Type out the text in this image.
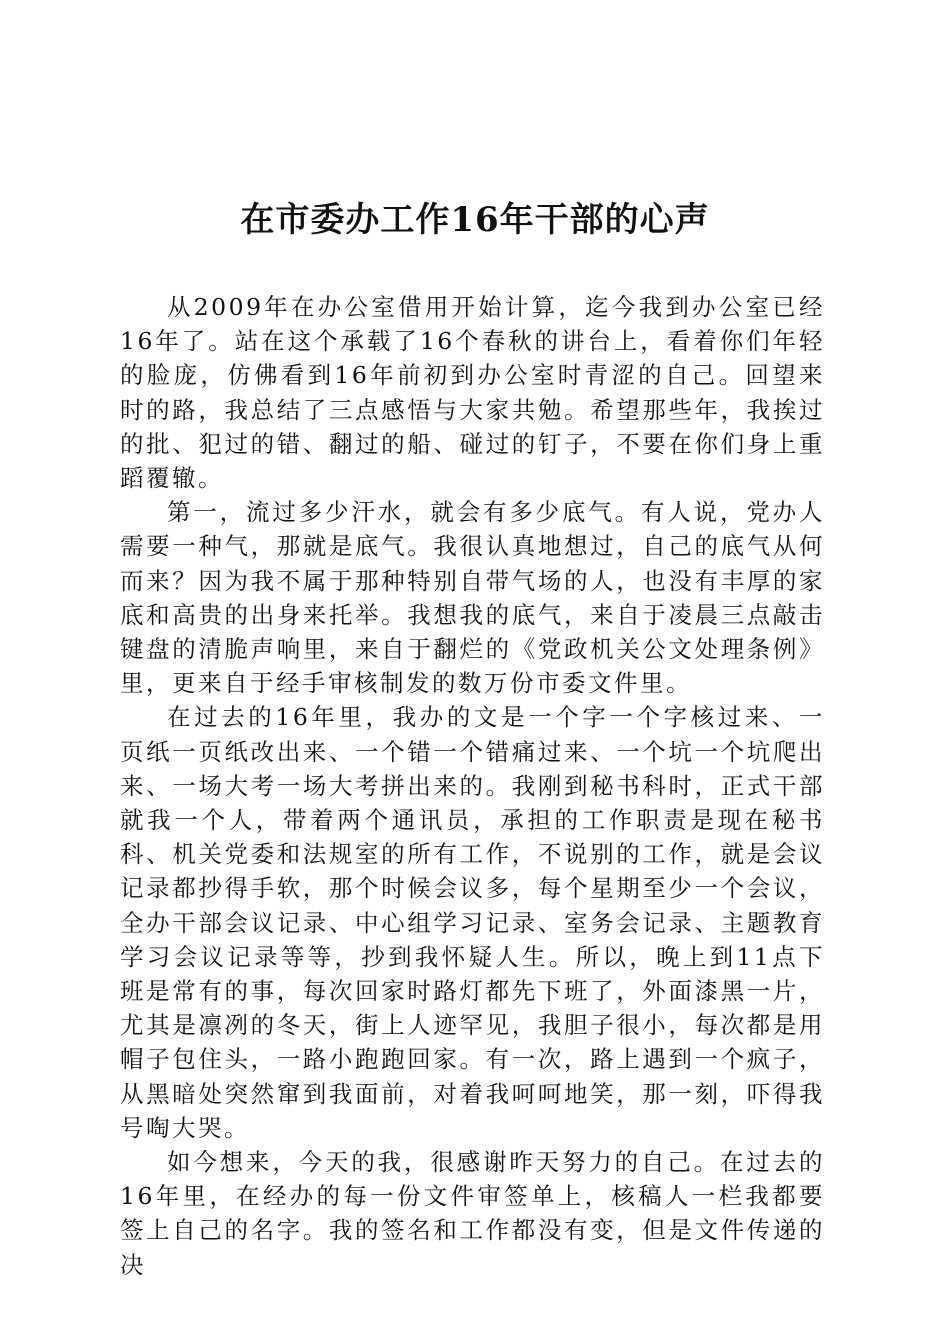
在市委办工作16年干部的心声

从2009年在办公室借用开始计算，迄今我到办公室已经16年了。站在这个承载了16个春秋的讲台上，看着你们年轻的脸庞，仿佛看到16年前初到办公室时青涩的自己。回望来时的路，我总结了三点感悟与大家共勉。希望那些年，我挨过的批、犯过的错、翻过的船、碰过的钉子，不要在你们身上重蹈覆辙。

第一，流过多少汗水，就会有多少底气。有人说，党办人需要一种气，那就是底气。我很认真地想过，自己的底气从何而来？因为我不属于那种特别自带气场的人，也没有丰厚的家底和高贵的出身来托举。我想我的底气，来自于凌晨三点敲击键盘的清脆声响里，来自于翻烂的《党政机关公文处理条例》里，更来自于经手审核制发的数万份市委文件里。

在过去的16年里，我办的文是一个字一个字核过来、一页纸一页纸改出来、一个错一个错痛过来、一个坑一个坑爬出来、一场大考一场大考拼出来的。我刚到秘书科时，正式干部就我一个人，带着两个通讯员，承担的工作职责是现在秘书科、机关党委和法规室的所有工作，不说别的工作，就是会议记录都抄得手软，那个时候会议多，每个星期至少一个会议，全办干部会议记录、中心组学习记录、室务会记录、主题教育学习会议记录等等，抄到我怀疑人生。所以，晚上到11点下班是常有的事，每次回家时路灯都先下班了，外面漆黑一片，尤其是凛冽的冬天，街上人迹罕见，我胆子很小，每次都是用帽子包住头，一路小跑跑回家。有一次，路上遇到一个疯子，从黑暗处突然窜到我面前，对着我呵呵地笑，那一刻，吓得我号啕大哭。

如今想来，今天的我，很感谢昨天努力的自己。在过去的16年里，在经办的每一份文件审签单上，核稿人一栏我都要签上自己的名字。我的签名和工作都没有变，但是文件传递的决
